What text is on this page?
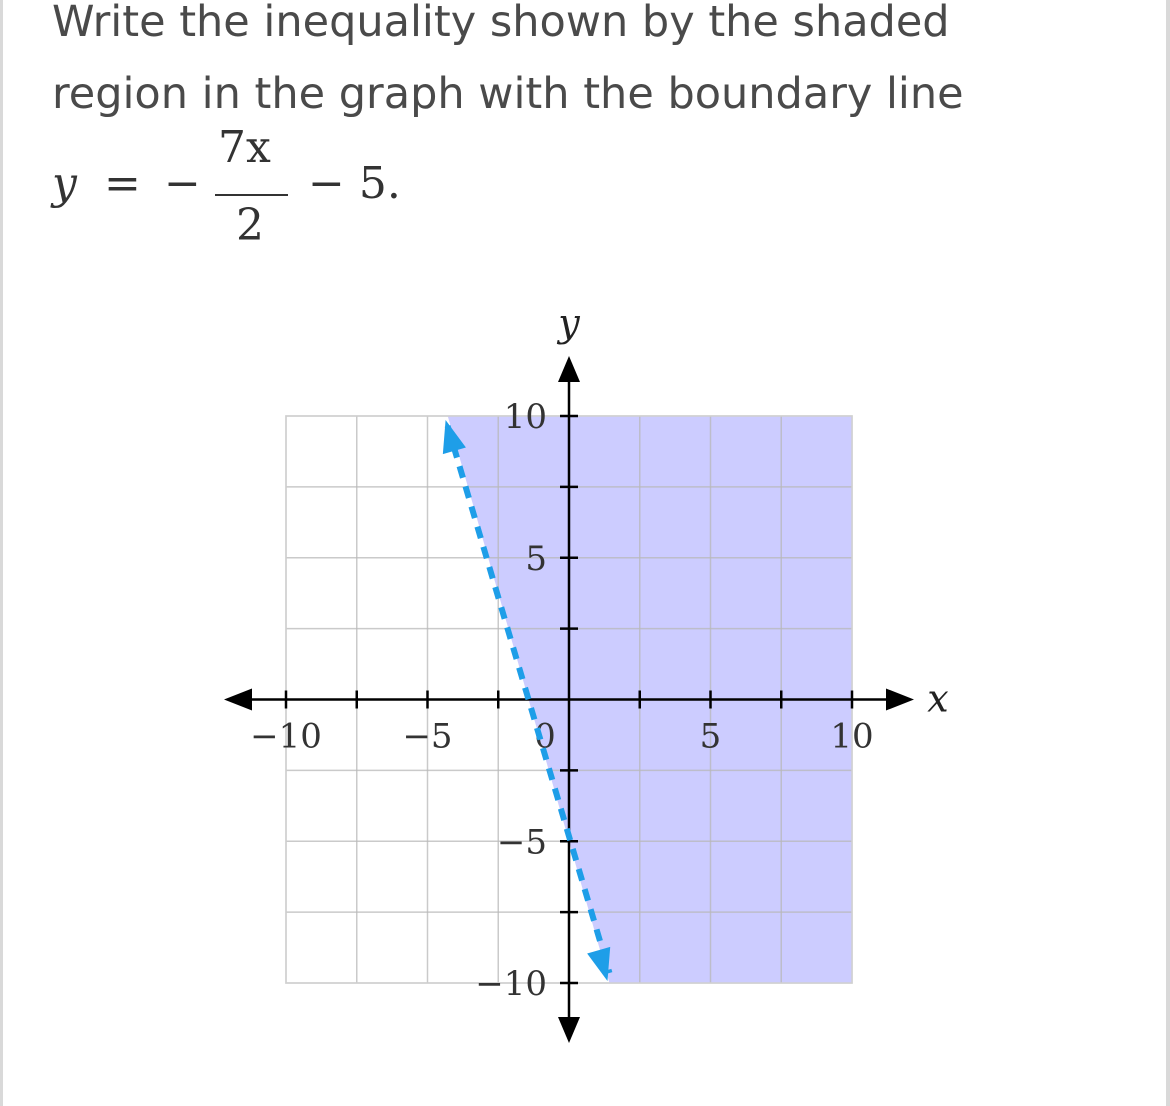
Write the inequality shown by the shaded
region in the graph with the boundary line

y = −
7x
2
− 5.
−10 −5 0	5	10
10
5
−5
−10
x
y
